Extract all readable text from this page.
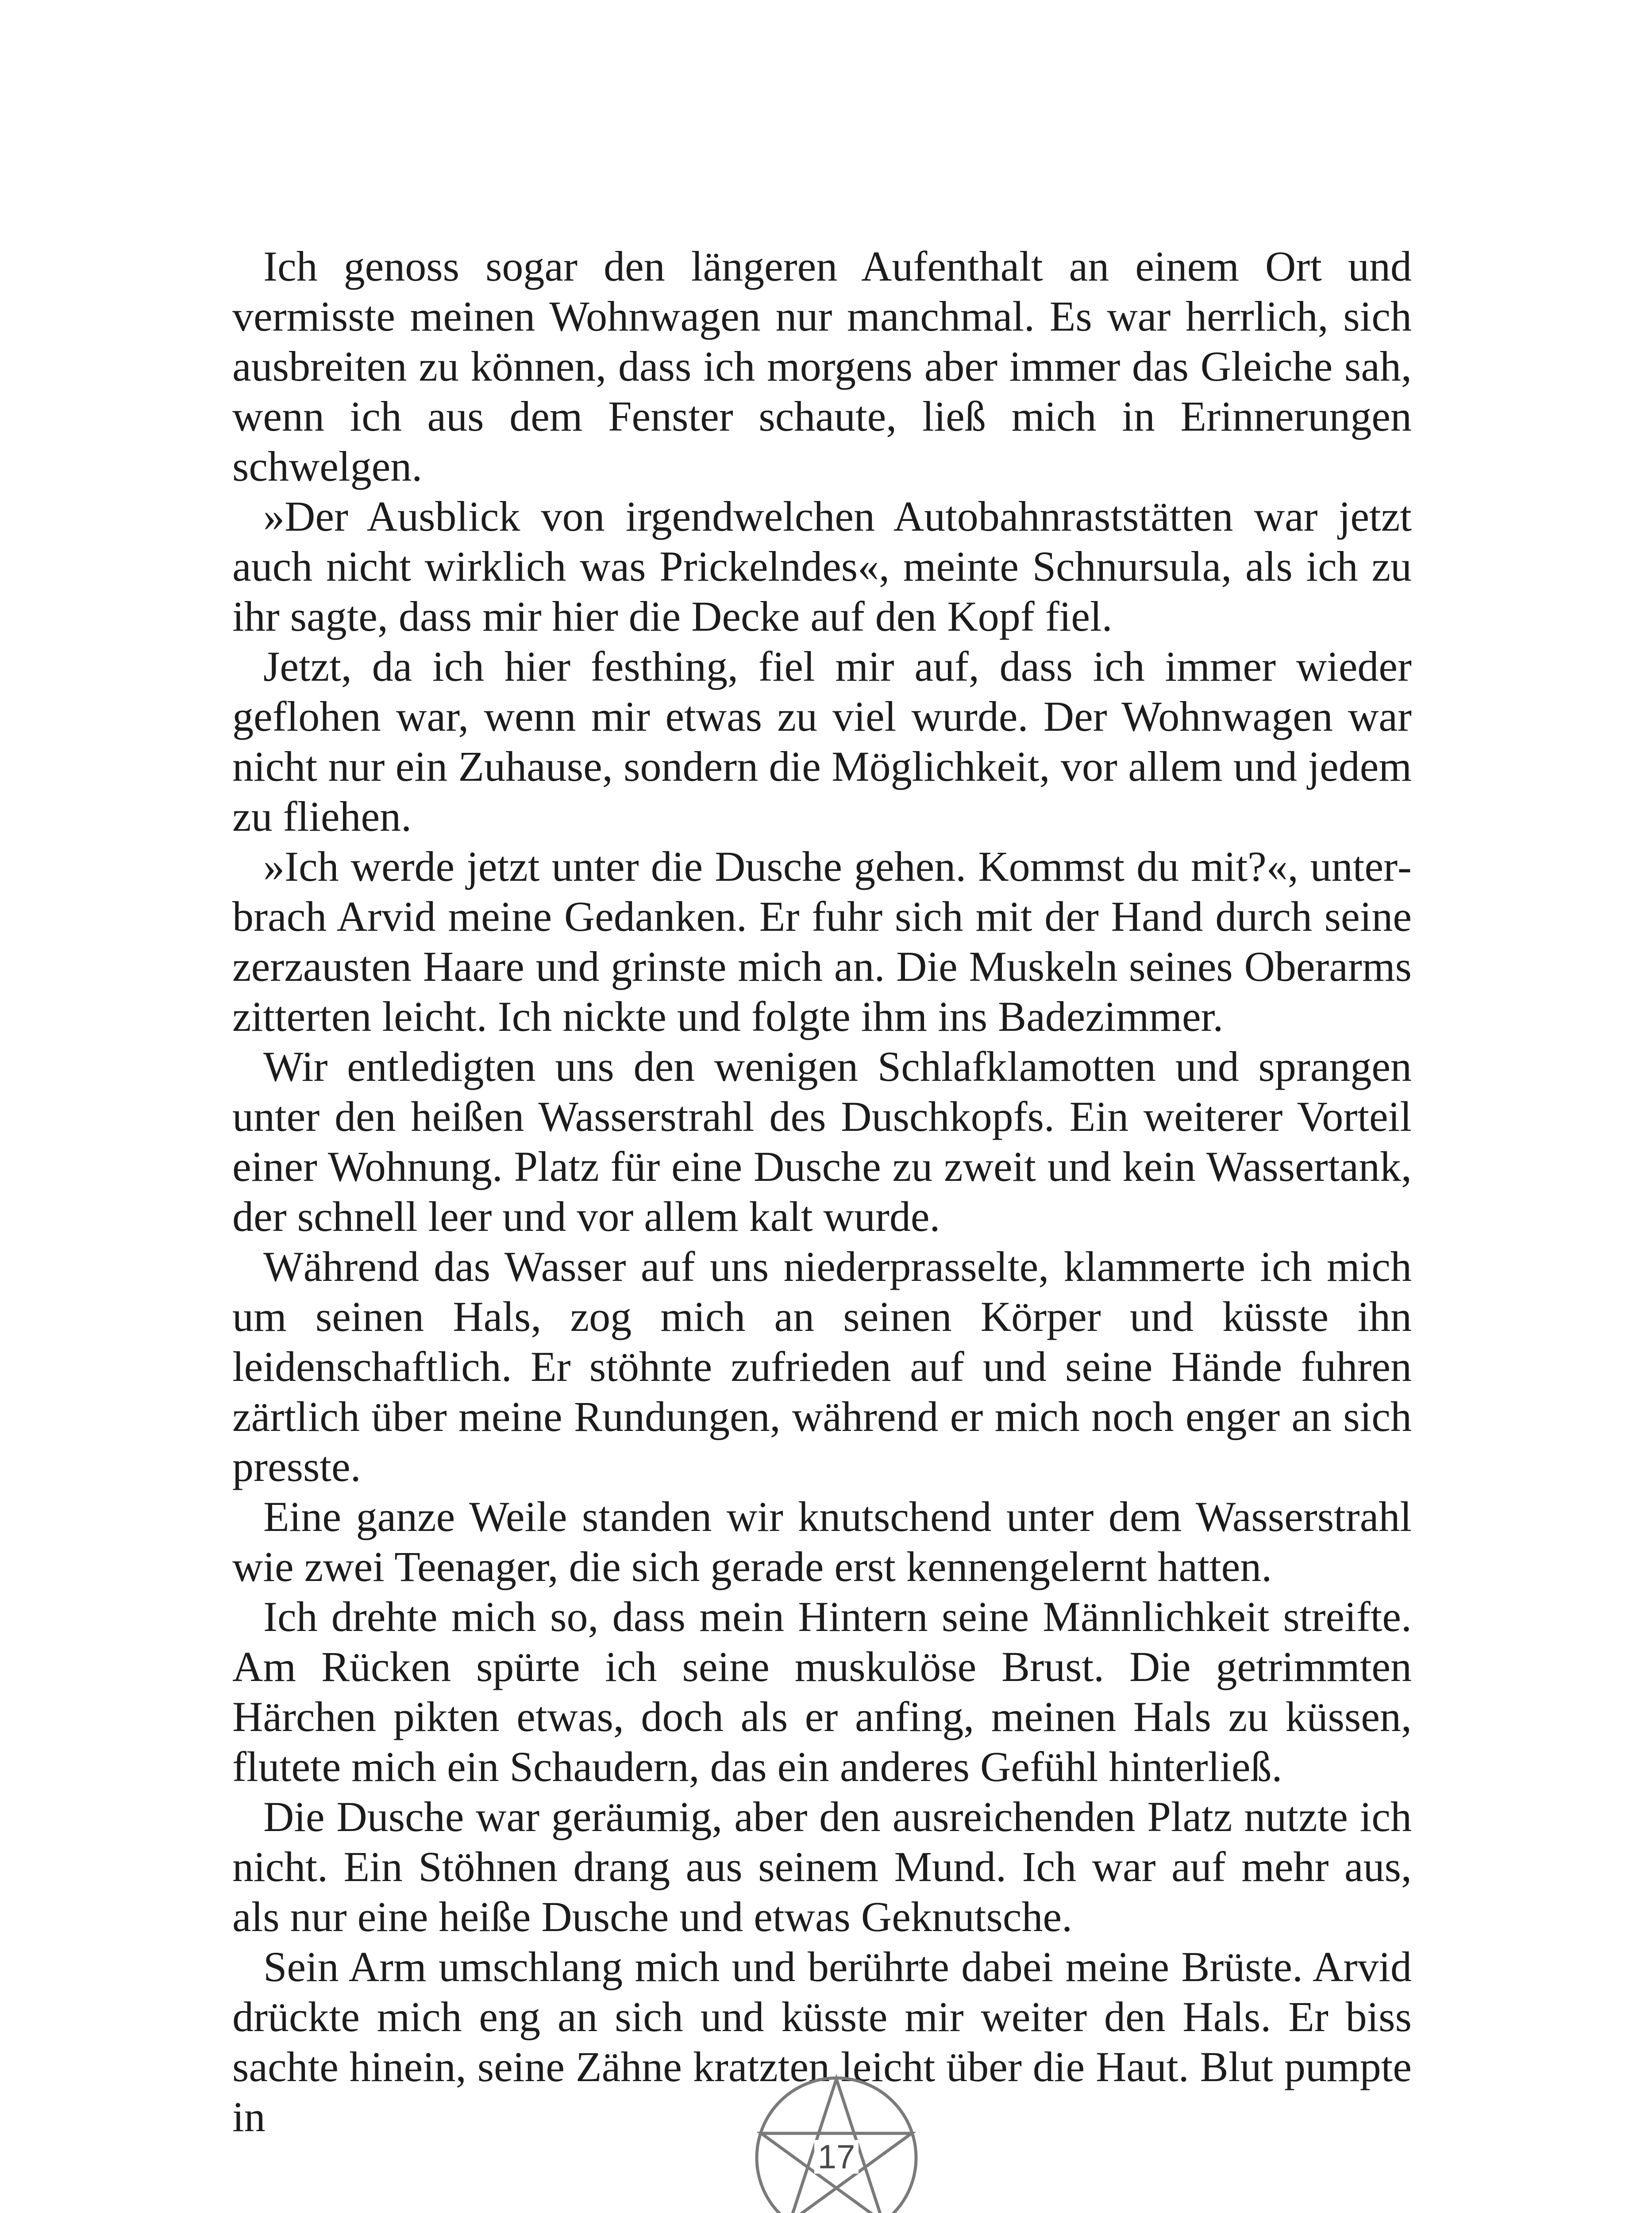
Ich genoss sogar den längeren Aufenthalt an einem Ort und vermisste meinen Wohnwagen nur manchmal. Es war herrlich, sich ausbreiten zu können, dass ich morgens aber immer das Gleiche sah, wenn ich aus dem Fenster schaute, ließ mich in Erinnerungen schwelgen.

»Der Ausblick von irgendwelchen Autobahnraststätten war jetzt auch nicht wirklich was Prickelndes«, meinte Schnursula, als ich zu ihr sagte, dass mir hier die Decke auf den Kopf fiel.

Jetzt, da ich hier festhing, fiel mir auf, dass ich immer wieder geflohen war, wenn mir etwas zu viel wurde. Der Wohnwagen war nicht nur ein Zuhause, sondern die Möglichkeit, vor allem und jedem zu fliehen.

»Ich werde jetzt unter die Dusche gehen. Kommst du mit?«, unterbrach Arvid meine Gedanken. Er fuhr sich mit der Hand durch seine zerzausten Haare und grinste mich an. Die Muskeln seines Oberarms zitterten leicht. Ich nickte und folgte ihm ins Badezimmer.

Wir entledigten uns den wenigen Schlafklamotten und sprangen unter den heißen Wasserstrahl des Duschkopfs. Ein weiterer Vorteil einer Wohnung. Platz für eine Dusche zu zweit und kein Wassertank, der schnell leer und vor allem kalt wurde.

Während das Wasser auf uns niederprasselte, klammerte ich mich um seinen Hals, zog mich an seinen Körper und küsste ihn leidenschaftlich. Er stöhnte zufrieden auf und seine Hände fuhren zärtlich über meine Rundungen, während er mich noch enger an sich presste.

Eine ganze Weile standen wir knutschend unter dem Wasserstrahl wie zwei Teenager, die sich gerade erst kennengelernt hatten.

Ich drehte mich so, dass mein Hintern seine Männlichkeit streifte. Am Rücken spürte ich seine muskulöse Brust. Die getrimmten Härchen pikten etwas, doch als er anfing, meinen Hals zu küssen, flutete mich ein Schaudern, das ein anderes Gefühl hinterließ.

Die Dusche war geräumig, aber den ausreichenden Platz nutzte ich nicht. Ein Stöhnen drang aus seinem Mund. Ich war auf mehr aus, als nur eine heiße Dusche und etwas Geknutsche.

Sein Arm umschlang mich und berührte dabei meine Brüste. Arvid drückte mich eng an sich und küsste mir weiter den Hals. Er biss sachte hinein, seine Zähne kratzten leicht über die Haut. Blut pumpte in

17
